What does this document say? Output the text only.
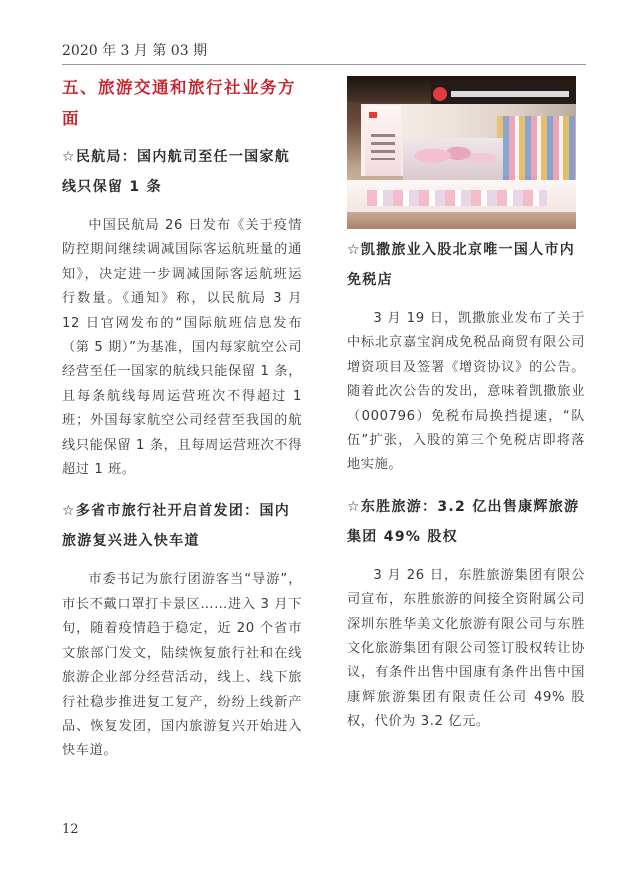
2020 年 3 月 第 03 期
五、旅游交通和旅行社业务方面
☆民航局：国内航司至任一国家航线只保留 1 条
中国民航局 26 日发布《关于疫情防控期间继续调减国际客运航班量的通知》，决定进一步调减国际客运航班运行数量。《通知》称，以民航局 3 月 12 日官网发布的“国际航班信息发布（第 5 期）”为基准，国内每家航空公司经营至任一国家的航线只能保留 1 条，且每条航线每周运营班次不得超过 1 班；外国每家航空公司经营至我国的航线只能保留 1 条，且每周运营班次不得超过 1 班。
☆多省市旅行社开启首发团：国内旅游复兴进入快车道
市委书记为旅行团游客当“导游”，市长不戴口罩打卡景区……进入 3 月下旬，随着疫情趋于稳定，近 20 个省市文旅部门发文，陆续恢复旅行社和在线旅游企业部分经营活动，线上、线下旅行社稳步推进复工复产，纷纷上线新产品、恢复发团，国内旅游复兴开始进入快车道。
☆凯撒旅业入股北京唯一国人市内免税店
3 月 19 日，凯撒旅业发布了关于中标北京嘉宝润成免税品商贸有限公司增资项目及签署《增资协议》的公告。随着此次公告的发出，意味着凯撒旅业（000796）免税布局换挡提速，“队伍”扩张，入股的第三个免税店即将落地实施。
☆东胜旅游：3.2 亿出售康辉旅游集团 49% 股权
3 月 26 日，东胜旅游集团有限公司宣布，东胜旅游的间接全资附属公司深圳东胜华美文化旅游有限公司与东胜文化旅游集团有限公司签订股权转让协议，有条件出售中国康有条件出售中国康辉旅游集团有限责任公司 49% 股权，代价为 3.2 亿元。
12
